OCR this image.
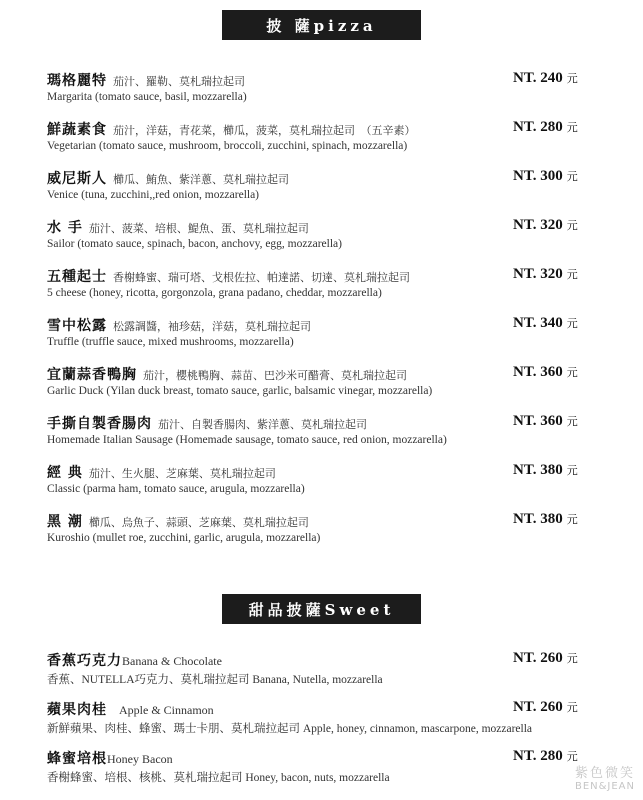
披 薩pizza
瑪格麗特 茄汁、羅勒、莫札瑞拉起司	NT. 240 元
Margarita (tomato sauce, basil, mozzarella)
鮮蔬素食 茄汁，洋菇，青花菜，櫛瓜，菠菜，莫札瑞拉起司　（五辛素）	NT. 280 元
Vegetarian (tomato sauce, mushroom, broccoli, zucchini, spinach, mozzarella)
威尼斯人 櫛瓜、鮪魚、紫洋蔥、莫札瑞拉起司	NT. 300 元
Venice (tuna, zucchini,,red onion, mozzarella)
水 手 茄汁、菠菜、培根、鯷魚、蛋、莫札瑞拉起司	NT. 320 元
Sailor (tomato sauce, spinach, bacon, anchovy, egg, mozzarella)
五種起士 香榭蜂蜜、瑞可塔、戈根佐拉、帕達諾、切達、莫札瑞拉起司	NT. 320 元
5 cheese (honey, ricotta, gorgonzola, grana padano, cheddar, mozzarella)
雪中松露 松露調醬，袖珍菇，洋菇，莫札瑞拉起司	NT. 340 元
Truffle (truffle sauce, mixed mushrooms, mozzarella)
宜蘭蒜香鴨胸 茄汁，櫻桃鴨胸、蒜苗、巴沙米可醋膏、莫札瑞拉起司	NT. 360 元
Garlic Duck (Yilan duck breast, tomato sauce, garlic, balsamic vinegar, mozzarella)
手撕自製香腸肉 茄汁、自製香腸肉、紫洋蔥、莫札瑞拉起司	NT. 360 元
Homemade Italian Sausage (Homemade sausage, tomato sauce, red onion, mozzarella)
經 典 茄汁、生火腿、芝麻葉、莫札瑞拉起司	NT. 380 元
Classic (parma ham, tomato sauce, arugula, mozzarella)
黑 潮 櫛瓜、烏魚子、蒜頭、芝麻葉、莫札瑞拉起司	NT. 380 元
Kuroshio (mullet roe, zucchini, garlic, arugula, mozzarella)
甜品披薩Sweet
香蕉巧克力Banana & Chocolate	NT. 260 元
香蕉、NUTELLA巧克力、莫札瑞拉起司 Banana, Nutella, mozzarella
蘋果肉桂 Apple & Cinnamon	NT. 260 元
新鮮蘋果、肉桂、蜂蜜、瑪士卡朋、莫札瑞拉起司 Apple, honey, cinnamon, mascarpone, mozzarella
蜂蜜培根Honey Bacon	NT. 280 元
香榭蜂蜜、培根、核桃、莫札瑞拉起司 Honey, bacon, nuts, mozzarella	紫色微笑
BEN&JEAN
